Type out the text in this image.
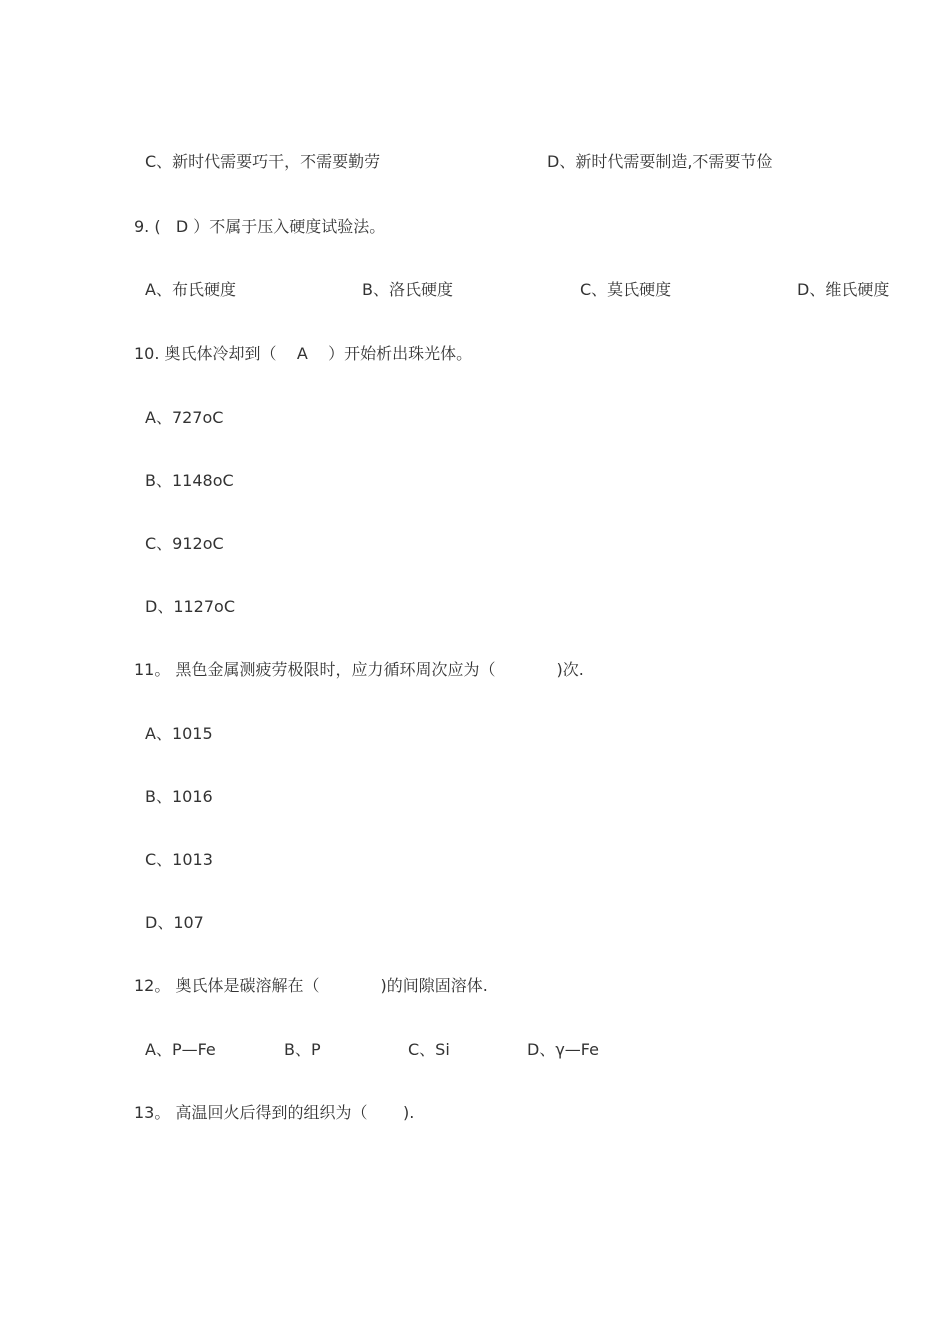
C、新时代需要巧干，不需要勤劳	D、新时代需要制造,不需要节俭
9. (   D ）不属于压入硬度试验法。
A、布氏硬度	B、洛氏硬度	C、莫氏硬度	D、维氏硬度
10. 奥氏体冷却到（    A    ）开始析出珠光体。
A、727oC
B、1148oC
C、912oC
D、1127oC
11。 黑色金属测疲劳极限时，应力循环周次应为（            )次.
A、1015
B、1016
C、1013
D、107
12。 奥氏体是碳溶解在（            )的间隙固溶体.
A、P—Fe	B、P	C、Si	D、γ—Fe
13。 高温回火后得到的组织为（       ).
